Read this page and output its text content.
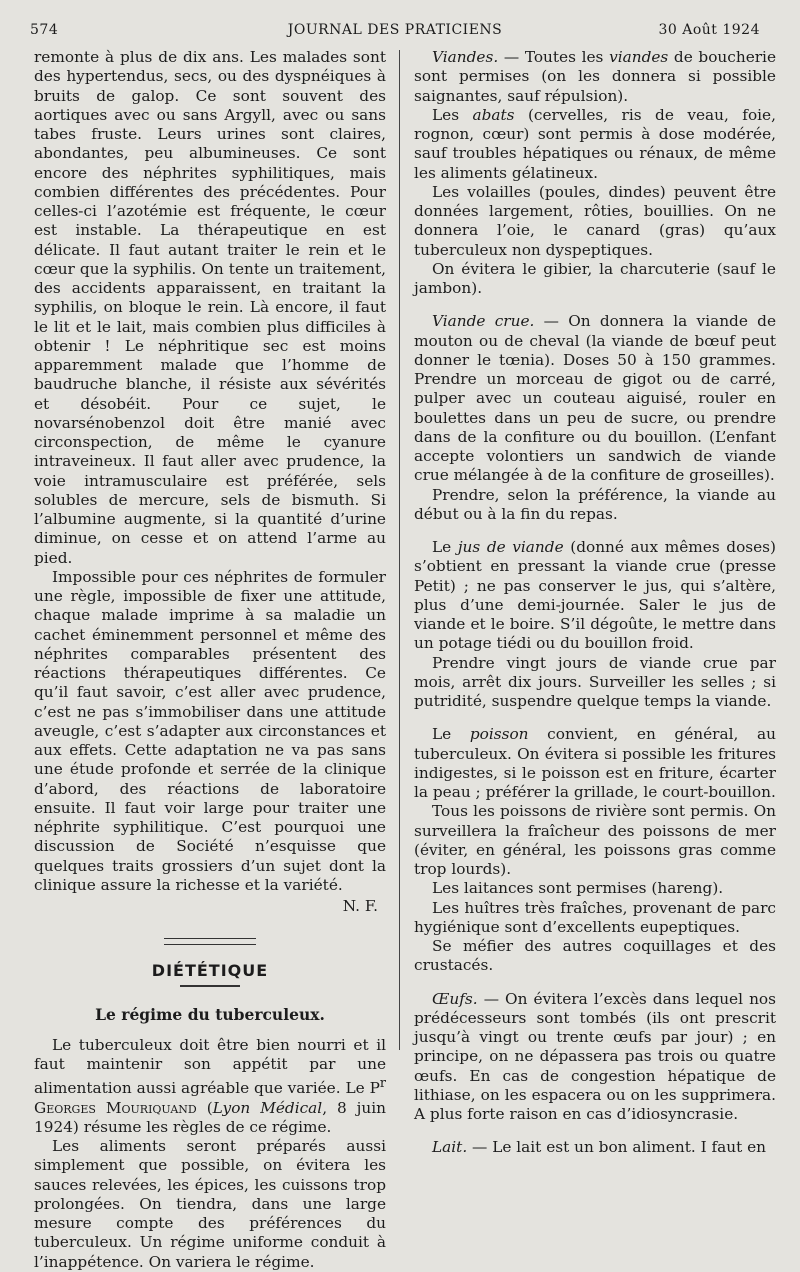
574	JOURNAL DES PRATICIENS	30 Août 1924

remonte à plus de dix ans. Les malades sont des hypertendus, secs, ou des dyspnéiques à bruits de galop. Ce sont souvent des aortiques avec ou sans Argyll, avec ou sans tabes fruste. Leurs urines sont claires, abondantes, peu albumineuses. Ce sont encore des néphrites syphilitiques, mais combien différentes des précédentes. Pour celles-ci l’azotémie est fréquente, le cœur est instable. La thérapeutique en est délicate. Il faut autant traiter le rein et le cœur que la syphilis. On tente un traitement, des accidents apparaissent, en traitant la syphilis, on bloque le rein. Là encore, il faut le lit et le lait, mais combien plus difficiles à obtenir ! Le néphritique sec est moins apparemment malade que l’homme de baudruche blanche, il résiste aux sévérités et désobéit. Pour ce sujet, le novarsénobenzol doit être manié avec circonspection, de même le cyanure intraveineux. Il faut aller avec prudence, la voie intramusculaire est préférée, sels solubles de mercure, sels de bismuth. Si l’albumine augmente, si la quantité d’urine diminue, on cesse et on attend l’arme au pied.

Impossible pour ces néphrites de formuler une règle, impossible de fixer une attitude, chaque malade imprime à sa maladie un cachet éminemment personnel et même des néphrites comparables présentent des réactions thérapeutiques différentes. Ce qu’il faut savoir, c’est aller avec prudence, c’est ne pas s’immobiliser dans une attitude aveugle, c’est s’adapter aux circonstances et aux effets. Cette adaptation ne va pas sans une étude profonde et serrée de la clinique d’abord, des réactions de laboratoire ensuite. Il faut voir large pour traiter une néphrite syphilitique. C’est pourquoi une discussion de Société n’esquisse que quelques traits grossiers d’un sujet dont la clinique assure la richesse et la variété.

N. F.
DIÉTÉTIQUE
Le régime du tuberculeux.

Le tuberculeux doit être bien nourri et il faut maintenir son appétit par une alimentation aussi agréable que variée. Le $P^r$ Georges Mouriquand (Lyon Médical, 8 juin 1924) résume les règles de ce régime.

Les aliments seront préparés aussi simplement que possible, on évitera les sauces relevées, les épices, les cuissons trop prolongées. On tiendra, dans une large mesure compte des préférences du tuberculeux. Un régime uniforme conduit à l’inappétence. On variera le régime.

Viandes. — Toutes les viandes de boucherie sont permises (on les donnera si possible saignantes, sauf répulsion).

Les abats (cervelles, ris de veau, foie, rognon, cœur) sont permis à dose modérée, sauf troubles hépatiques ou rénaux, de même les aliments gélatineux.

Les volailles (poules, dindes) peuvent être données largement, rôties, bouillies. On ne donnera l’oie, le canard (gras) qu’aux tuberculeux non dyspeptiques.

On évitera le gibier, la charcuterie (sauf le jambon).

Viande crue. — On donnera la viande de mouton ou de cheval (la viande de bœuf peut donner le tœnia). Doses 50 à 150 grammes. Prendre un morceau de gigot ou de carré, pulper avec un couteau aiguisé, rouler en boulettes dans un peu de sucre, ou prendre dans de la confiture ou du bouillon. (L’enfant accepte volontiers un sandwich de viande crue mélangée à de la confiture de groseilles).

Prendre, selon la préférence, la viande au début ou à la fin du repas.

Le jus de viande (donné aux mêmes doses) s’obtient en pressant la viande crue (presse Petit) ; ne pas conserver le jus, qui s’altère, plus d’une demi-journée. Saler le jus de viande et le boire. S’il dégoûte, le mettre dans un potage tiédi ou du bouillon froid.

Prendre vingt jours de viande crue par mois, arrêt dix jours. Surveiller les selles ; si putridité, suspendre quelque temps la viande.

Le poisson convient, en général, au tuberculeux. On évitera si possible les fritures indigestes, si le poisson est en friture, écarter la peau ; préférer la grillade, le court-bouillon.

Tous les poissons de rivière sont permis. On surveillera la fraîcheur des poissons de mer (éviter, en général, les poissons gras comme trop lourds).

Les laitances sont permises (hareng).

Les huîtres très fraîches, provenant de parc hygiénique sont d’excellents eupeptiques.

Se méfier des autres coquillages et des crustacés.

Œufs. — On évitera l’excès dans lequel nos prédécesseurs sont tombés (ils ont prescrit jusqu’à vingt ou trente œufs par jour) ; en principe, on ne dépassera pas trois ou quatre œufs. En cas de congestion hépatique de lithiase, on les espacera ou on les supprimera. A plus forte raison en cas d’idiosyncrasie.

Lait. — Le lait est un bon aliment. I faut en
